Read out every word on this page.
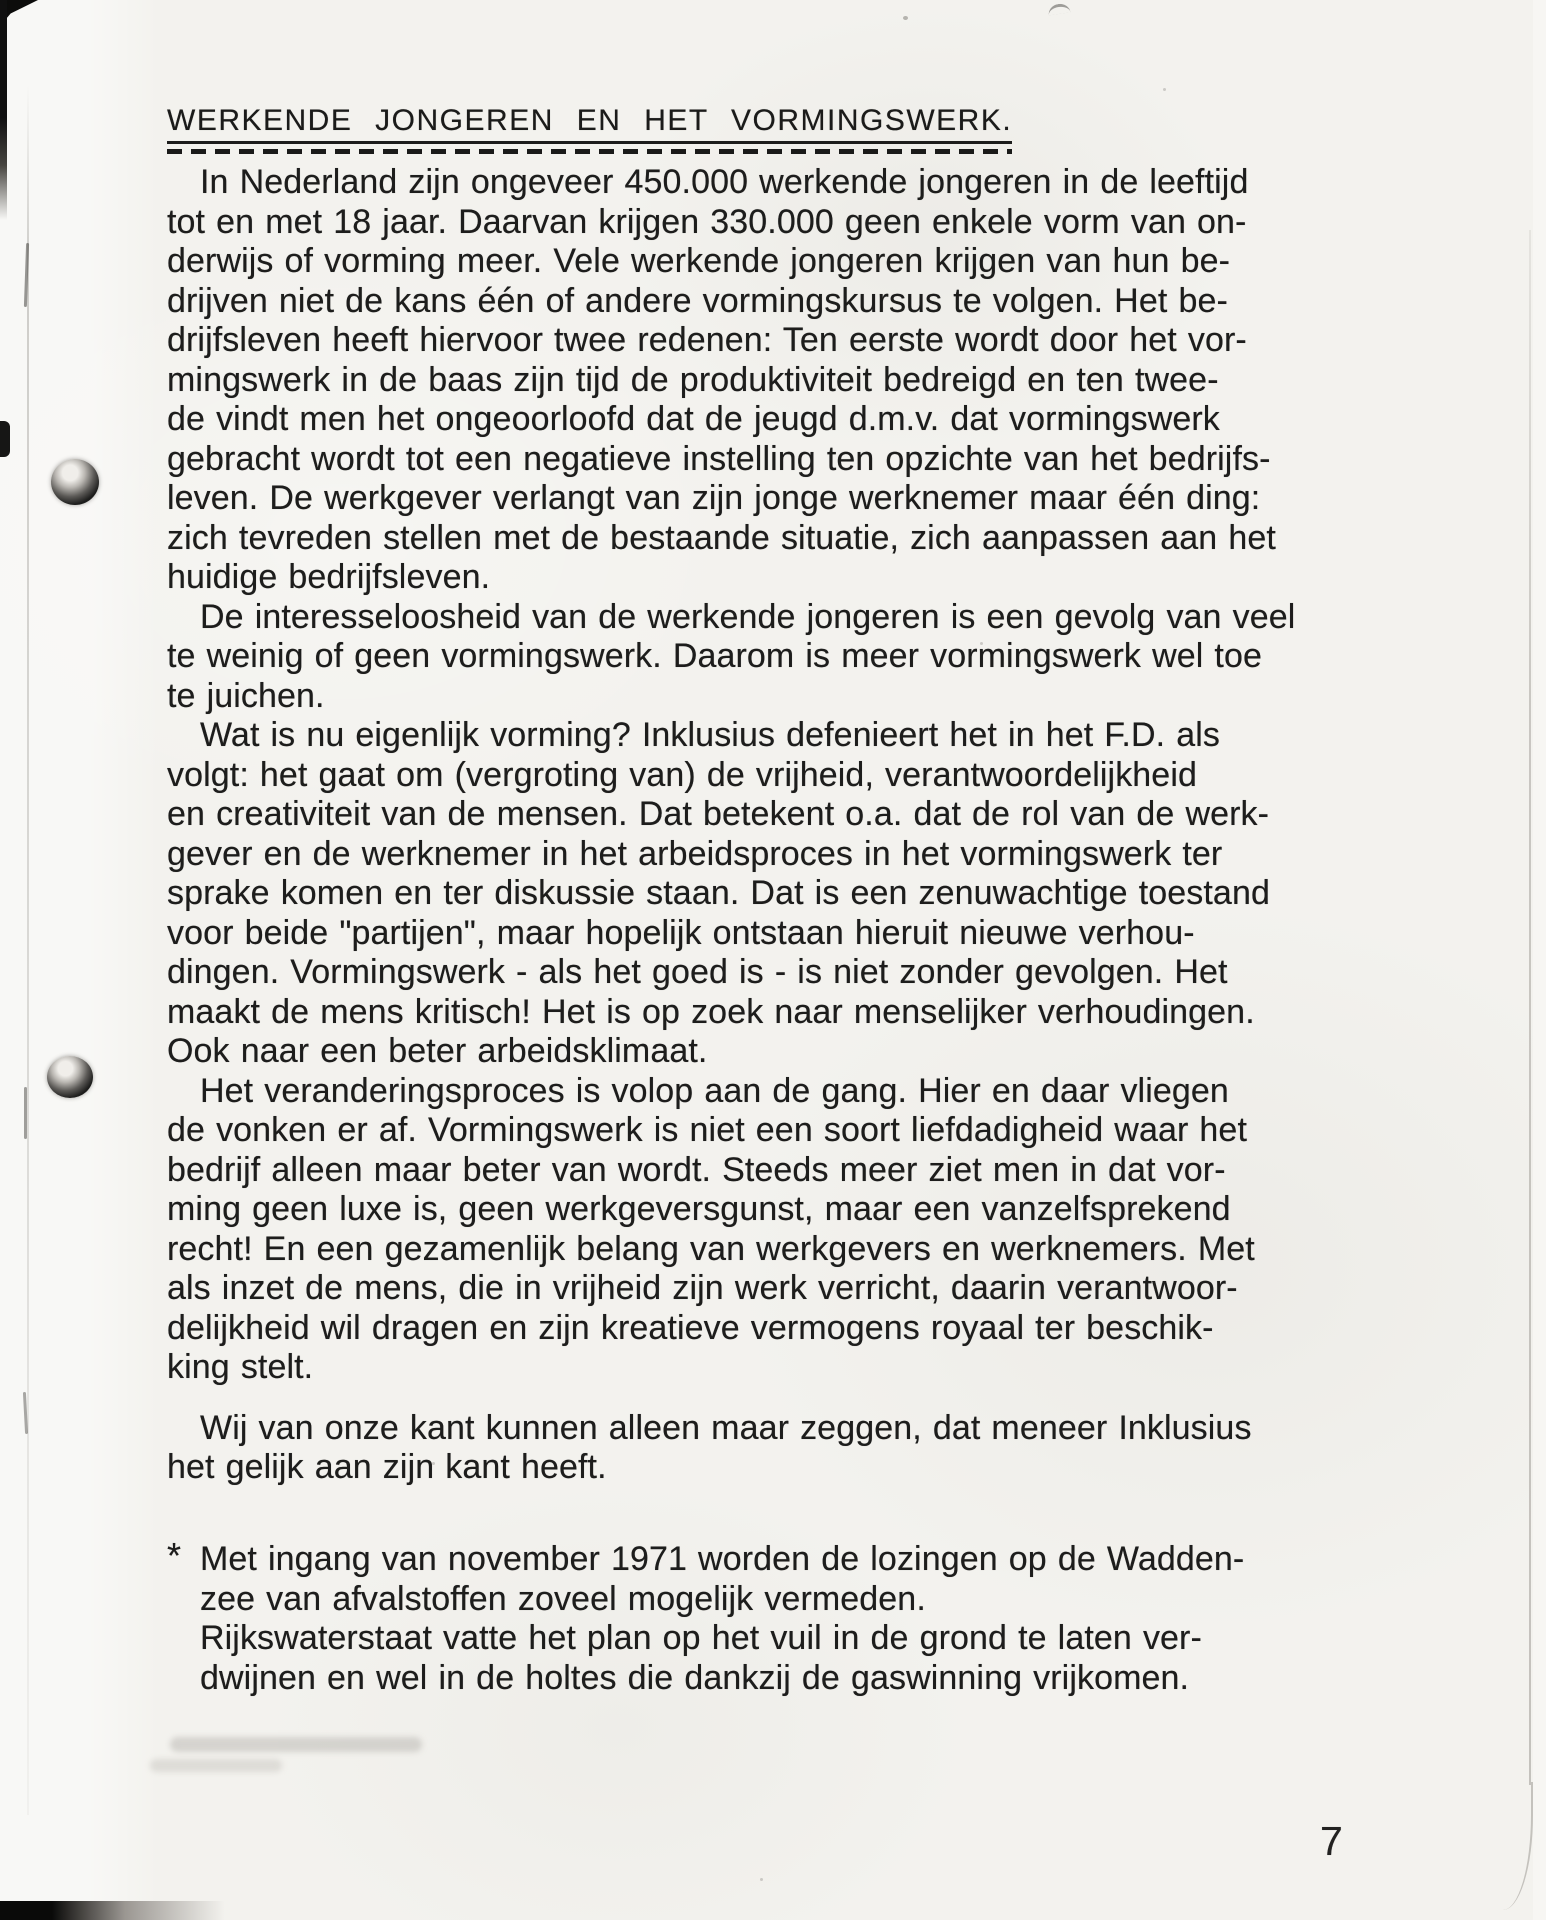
WERKENDE JONGEREN EN HET VORMINGSWERK.
In Nederland zijn ongeveer 450.000 werkende jongeren in de leeftijd
tot en met 18 jaar. Daarvan krijgen 330.000 geen enkele vorm van on-
derwijs of vorming meer. Vele werkende jongeren krijgen van hun be-
drijven niet de kans één of andere vormingskursus te volgen. Het be-
drijfsleven heeft hiervoor twee redenen: Ten eerste wordt door het vor-
mingswerk in de baas zijn tijd de produktiviteit bedreigd en ten twee-
de vindt men het ongeoorloofd dat de jeugd d.m.v. dat vormingswerk
gebracht wordt tot een negatieve instelling ten opzichte van het bedrijfs-
leven. De werkgever verlangt van zijn jonge werknemer maar één ding:
zich tevreden stellen met de bestaande situatie, zich aanpassen aan het
huidige bedrijfsleven.
De interesseloosheid van de werkende jongeren is een gevolg van veel
te weinig of geen vormingswerk. Daarom is meer vormingswerk wel toe
te juichen.
Wat is nu eigenlijk vorming? Inklusius defenieert het in het F.D. als
volgt: het gaat om (vergroting van) de vrijheid, verantwoordelijkheid
en creativiteit van de mensen. Dat betekent o.a. dat de rol van de werk-
gever en de werknemer in het arbeidsproces in het vormingswerk ter
sprake komen en ter diskussie staan. Dat is een zenuwachtige toestand
voor beide "partijen", maar hopelijk ontstaan hieruit nieuwe verhou-
dingen. Vormingswerk - als het goed is - is niet zonder gevolgen. Het
maakt de mens kritisch! Het is op zoek naar menselijker verhoudingen.
Ook naar een beter arbeidsklimaat.
Het veranderingsproces is volop aan de gang. Hier en daar vliegen
de vonken er af. Vormingswerk is niet een soort liefdadigheid waar het
bedrijf alleen maar beter van wordt. Steeds meer ziet men in dat vor-
ming geen luxe is, geen werkgeversgunst, maar een vanzelfsprekend
recht! En een gezamenlijk belang van werkgevers en werknemers. Met
als inzet de mens, die in vrijheid zijn werk verricht, daarin verantwoor-
delijkheid wil dragen en zijn kreatieve vermogens royaal ter beschik-
king stelt.
Wij van onze kant kunnen alleen maar zeggen, dat meneer Inklusius
het gelijk aan zijn kant heeft.
* Met ingang van november 1971 worden de lozingen op de Wadden-
zee van afvalstoffen zoveel mogelijk vermeden.
Rijkswaterstaat vatte het plan op het vuil in de grond te laten ver-
dwijnen en wel in de holtes die dankzij de gaswinning vrijkomen.
7
